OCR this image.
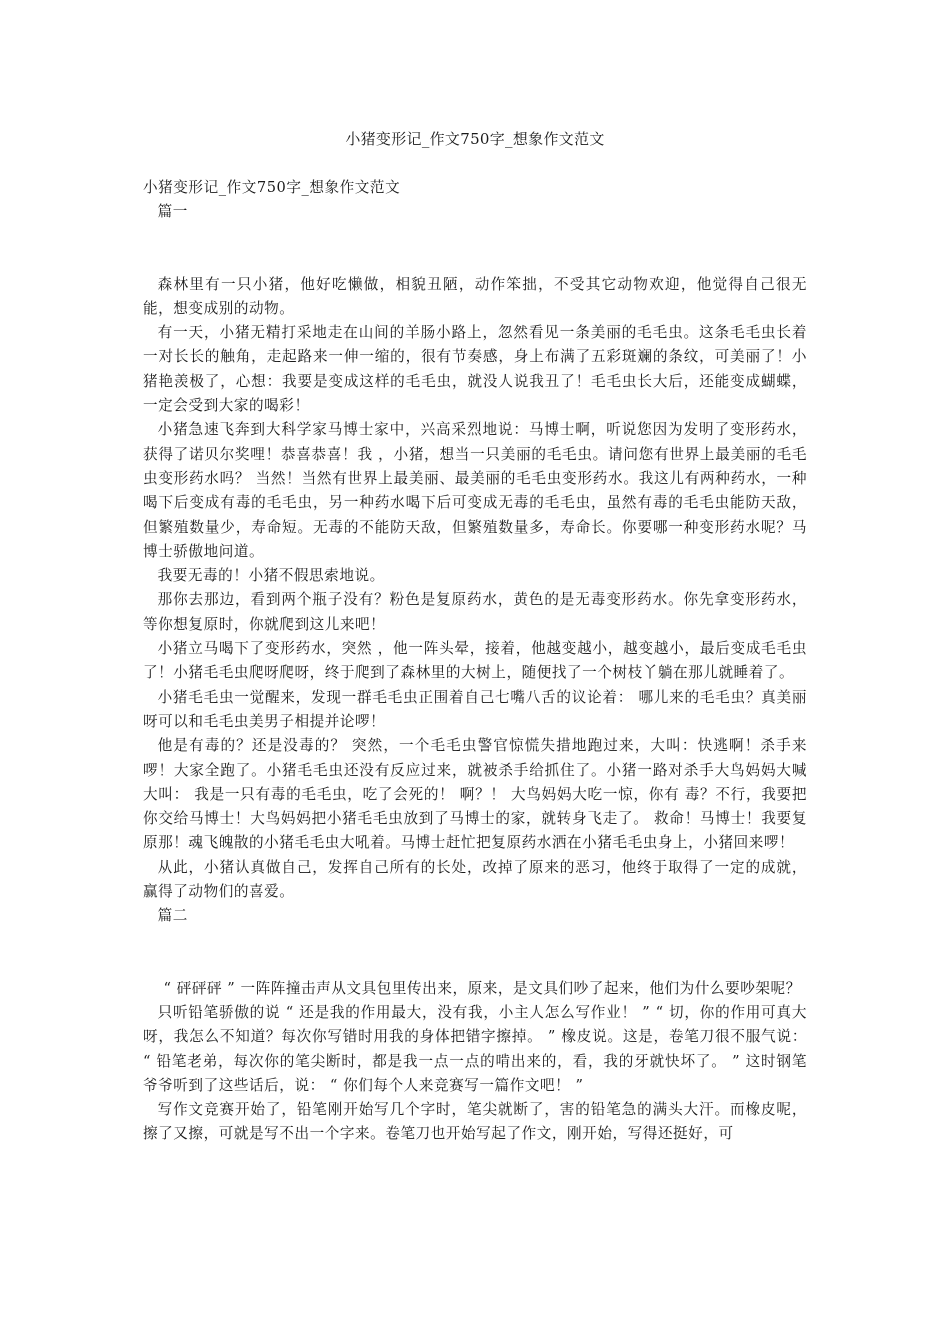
小猪变形记_作文750字_想象作文范文

小猪变形记_作文750字_想象作文范文

篇一

森林里有一只小猪，他好吃懒做，相貌丑陋，动作笨拙，不受其它动物欢迎，他觉得自己很无能，想变成别的动物。

有一天，小猪无精打采地走在山间的羊肠小路上，忽然看见一条美丽的毛毛虫。这条毛毛虫长着一对长长的触角，走起路来一伸一缩的，很有节奏感，身上布满了五彩斑斓的条纹，可美丽了！小猪艳羡极了，心想：我要是变成这样的毛毛虫，就没人说我丑了！毛毛虫长大后，还能变成蝴蝶，一定会受到大家的喝彩！

小猪急速飞奔到大科学家马博士家中，兴高采烈地说：马博士啊，听说您因为发明了变形药水，获得了诺贝尔奖哩！恭喜恭喜！我 ，小猪，想当一只美丽的毛毛虫。请问您有世界上最美丽的毛毛虫变形药水吗？ 当然！当然有世界上最美丽、最美丽的毛毛虫变形药水。我这儿有两种药水，一种喝下后变成有毒的毛毛虫，另一种药水喝下后可变成无毒的毛毛虫，虽然有毒的毛毛虫能防天敌，但繁殖数量少，寿命短。无毒的不能防天敌，但繁殖数量多，寿命长。你要哪一种变形药水呢？马博士骄傲地问道。

我要无毒的！小猪不假思索地说。

那你去那边，看到两个瓶子没有？粉色是复原药水，黄色的是无毒变形药水。你先拿变形药水，等你想复原时，你就爬到这儿来吧！

小猪立马喝下了变形药水，突然 ，他一阵头晕，接着，他越变越小，越变越小，最后变成毛毛虫了！小猪毛毛虫爬呀爬呀，终于爬到了森林里的大树上，随便找了一个树枝丫躺在那儿就睡着了。

小猪毛毛虫一觉醒来，发现一群毛毛虫正围着自己七嘴八舌的议论着： 哪儿来的毛毛虫？真美丽呀可以和毛毛虫美男子相提并论啰！

他是有毒的？还是没毒的？ 突然，一个毛毛虫警官惊慌失措地跑过来，大叫：快逃啊！杀手来啰！大家全跑了。小猪毛毛虫还没有反应过来，就被杀手给抓住了。小猪一路对杀手大鸟妈妈大喊大叫： 我是一只有毒的毛毛虫，吃了会死的！ 啊？！ 大鸟妈妈大吃一惊，你有 毒？不行，我要把你交给马博士！大鸟妈妈把小猪毛毛虫放到了马博士的家，就转身飞走了。 救命！马博士！我要复原那！魂飞魄散的小猪毛毛虫大吼着。马博士赶忙把复原药水洒在小猪毛毛虫身上，小猪回来啰！

从此，小猪认真做自己，发挥自己所有的长处，改掉了原来的恶习，他终于取得了一定的成就，赢得了动物们的喜爱。

篇二

“ 砰砰砰 ” 一阵阵撞击声从文具包里传出来，原来，是文具们吵了起来，他们为什么要吵架呢？

只听铅笔骄傲的说 “ 还是我的作用最大，没有我，小主人怎么写作业！ ” “ 切，你的作用可真大呀，我怎么不知道？每次你写错时用我的身体把错字擦掉。 ” 橡皮说。这是，卷笔刀很不服气说： “ 铅笔老弟，每次你的笔尖断时，都是我一点一点的啃出来的，看，我的牙就快坏了。 ” 这时钢笔爷爷听到了这些话后，说： “ 你们每个人来竞赛写一篇作文吧！ ”

写作文竞赛开始了，铅笔刚开始写几个字时，笔尖就断了，害的铅笔急的满头大汗。而橡皮呢，擦了又擦，可就是写不出一个字来。卷笔刀也开始写起了作文，刚开始，写得还挺好，可
